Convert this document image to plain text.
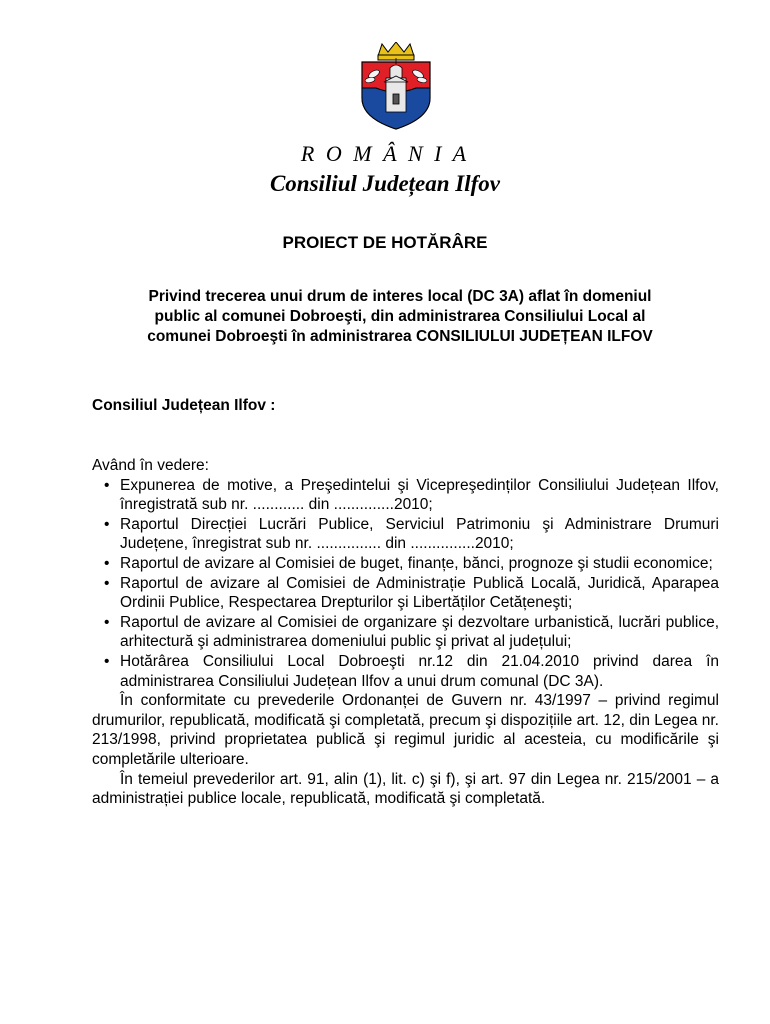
R O M Â N I A
Consiliul Județean Ilfov
PROIECT DE HOTĂRÂRE
Privind trecerea unui drum de interes local (DC 3A) aflat în domeniul
public al comunei Dobroeşti, din administrarea Consiliului Local al
comunei Dobroeşti în administrarea CONSILIULUI JUDEȚEAN ILFOV
Consiliul Județean Ilfov :

Având în vedere:

• Expunerea de motive, a Preşedintelui şi Vicepreşedinților Consiliului Județean Ilfov, înregistrată sub nr. ............ din ..............2010;
• Raportul Direcției Lucrări Publice, Serviciul Patrimoniu şi Administrare Drumuri Județene, înregistrat sub nr. ............... din ...............2010;
• Raportul de avizare al Comisiei de buget, finanțe, bănci, prognoze şi studii economice;
• Raportul de avizare al Comisiei de Administrație Publică Locală, Juridică, Aparарea Ordinii Publice, Respectarea Drepturilor şi Libertăților Cetățeneşti;
• Raportul de avizare al Comisiei de organizare şi dezvoltare urbanistică, lucrări publice, arhitectură şi administrarea domeniului public şi privat al județului;
• Hotărârea Consiliului Local Dobroeşti nr.12 din 21.04.2010 privind darea în administrarea Consiliului Județean Ilfov a unui drum comunal (DC 3A).

În conformitate cu prevederile Ordonanței de Guvern nr. 43/1997 – privind regimul drumurilor, republicată, modificată şi completată, precum şi dispozițiile art. 12, din Legea nr. 213/1998, privind proprietatea publică şi regimul juridic al acesteia, cu modificările şi completările ulterioare.

În temeiul prevederilor art. 91, alin (1), lit. c) şi f), şi art. 97 din Legea nr. 215/2001 – a administrației publice locale, republicată, modificată şi completată.
